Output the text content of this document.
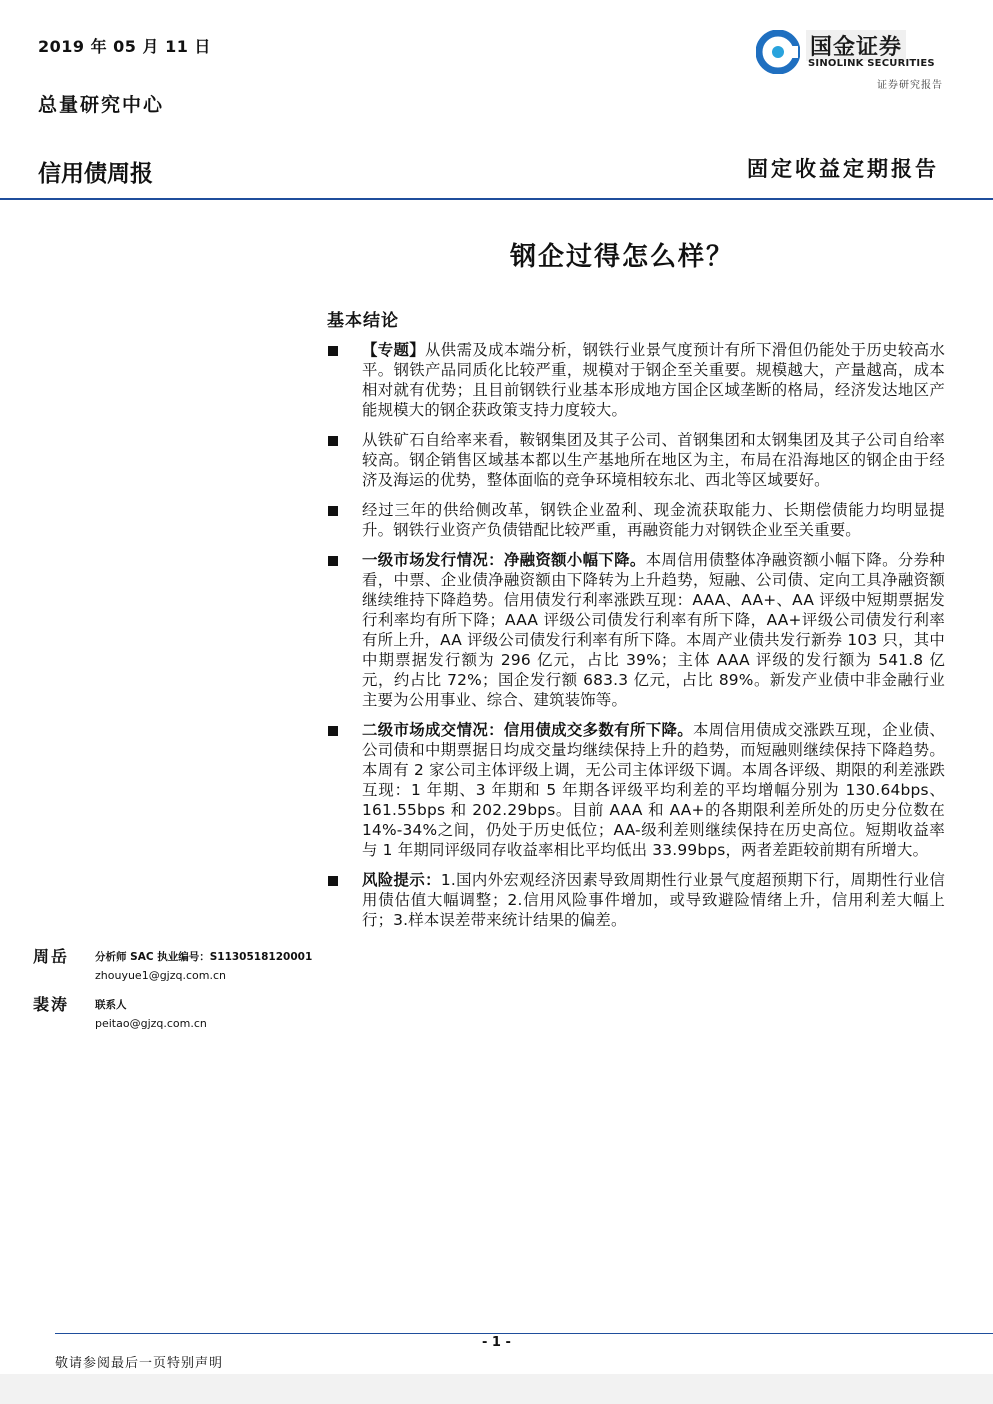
2019 年 05 月 11 日
总量研究中心
信用债周报	固定收益定期报告
国金证券
SINOLINK SECURITIES
证券研究报告
钢企过得怎么样？
基本结论
【专题】从供需及成本端分析，钢铁行业景气度预计有所下滑但仍能处于历史较高水平。钢铁产品同质化比较严重，规模对于钢企至关重要。规模越大，产量越高，成本相对就有优势；且目前钢铁行业基本形成地方国企区域垄断的格局，经济发达地区产能规模大的钢企获政策支持力度较大。
从铁矿石自给率来看，鞍钢集团及其子公司、首钢集团和太钢集团及其子公司自给率较高。钢企销售区域基本都以生产基地所在地区为主，布局在沿海地区的钢企由于经济及海运的优势，整体面临的竞争环境相较东北、西北等区域要好。
经过三年的供给侧改革，钢铁企业盈利、现金流获取能力、长期偿债能力均明显提升。钢铁行业资产负债错配比较严重，再融资能力对钢铁企业至关重要。
一级市场发行情况：净融资额小幅下降。本周信用债整体净融资额小幅下降。分券种看，中票、企业债净融资额由下降转为上升趋势，短融、公司债、定向工具净融资额继续维持下降趋势。信用债发行利率涨跌互现：AAA、AA+、AA 评级中短期票据发行利率均有所下降；AAA 评级公司债发行利率有所下降，AA+评级公司债发行利率有所上升，AA 评级公司债发行利率有所下降。本周产业债共发行新券 103 只，其中中期票据发行额为 296 亿元，占比 39%；主体 AAA 评级的发行额为 541.8 亿元，约占比 72%；国企发行额 683.3 亿元，占比 89%。新发产业债中非金融行业主要为公用事业、综合、建筑装饰等。
二级市场成交情况：信用债成交多数有所下降。本周信用债成交涨跌互现，企业债、公司债和中期票据日均成交量均继续保持上升的趋势，而短融则继续保持下降趋势。本周有 2 家公司主体评级上调，无公司主体评级下调。本周各评级、期限的利差涨跌互现：1 年期、3 年期和 5 年期各评级平均利差的平均增幅分别为 130.64bps、161.55bps 和 202.29bps。目前 AAA 和 AA+的各期限利差所处的历史分位数在 14%-34%之间，仍处于历史低位；AA-级利差则继续保持在历史高位。短期收益率与 1 年期同评级同存收益率相比平均低出 33.99bps，两者差距较前期有所增大。
风险提示：1.国内外宏观经济因素导致周期性行业景气度超预期下行，周期性行业信用债估值大幅调整；2.信用风险事件增加，或导致避险情绪上升，信用利差大幅上行；3.样本误差带来统计结果的偏差。
周岳 分析师 SAC 执业编号：S1130518120001
zhouyue1@gjzq.com.cn
裴涛 联系人
peitao@gjzq.com.cn
- 1 -
敬请参阅最后一页特别声明
